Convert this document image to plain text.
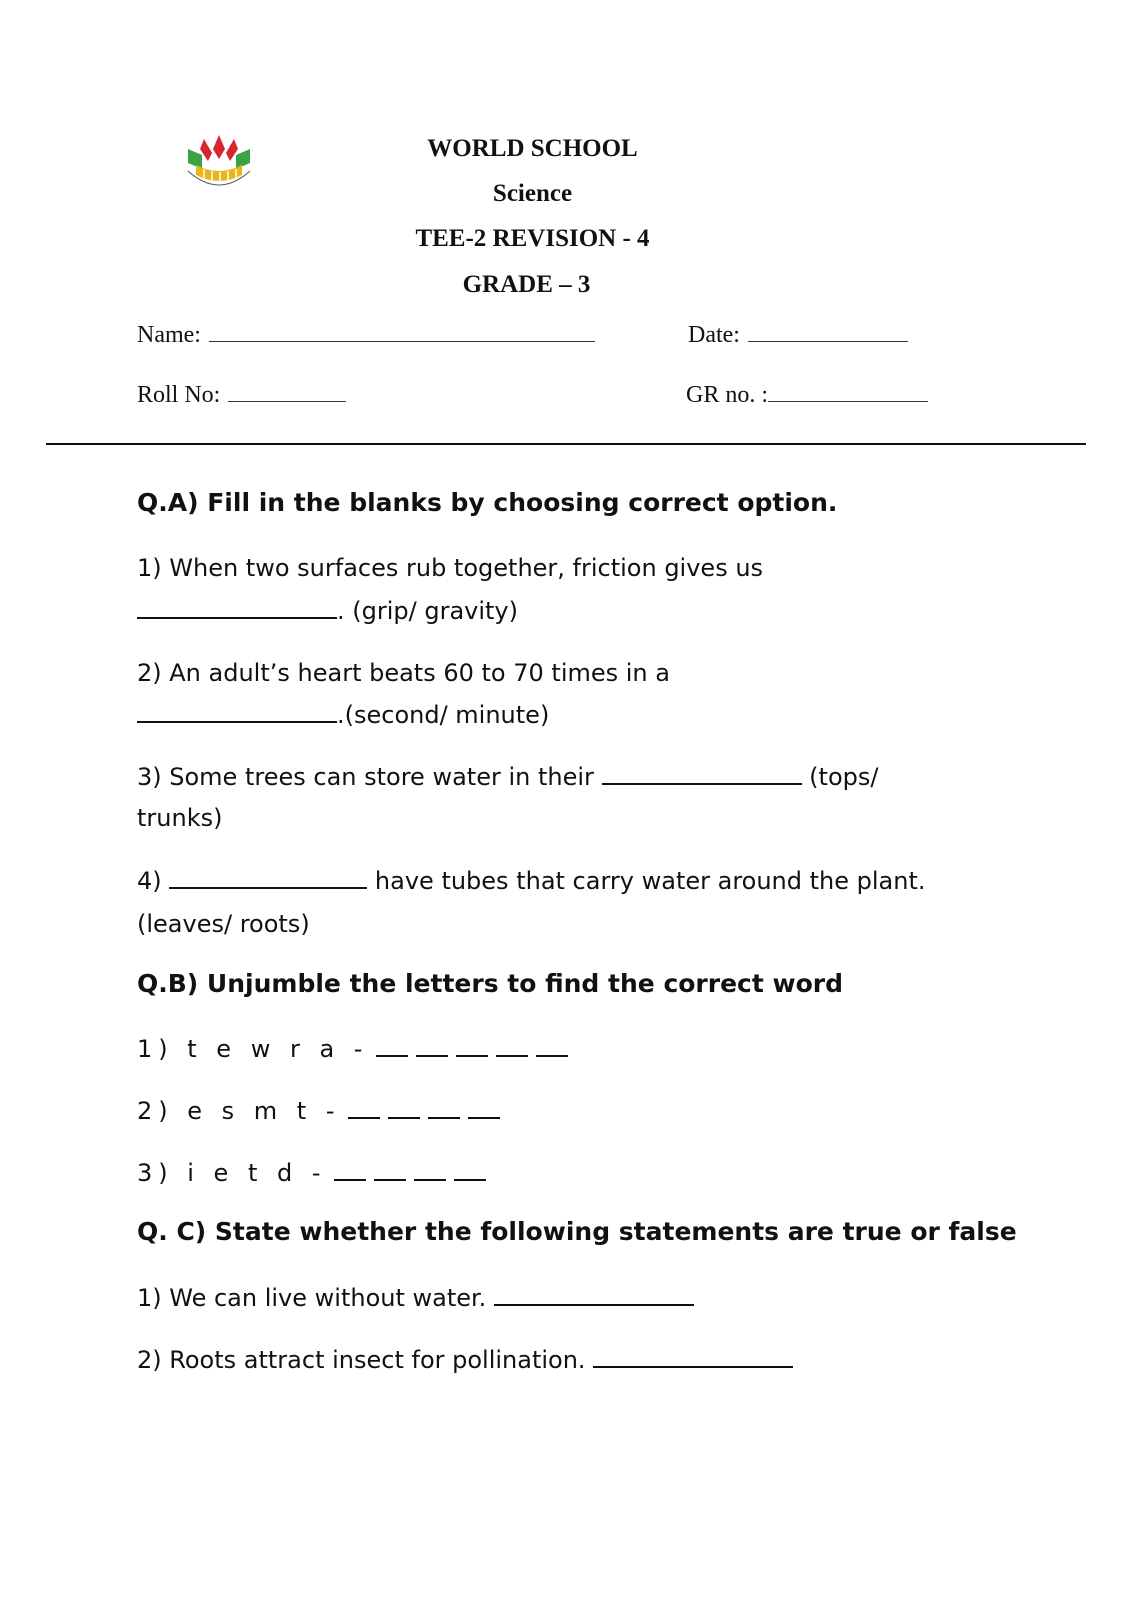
WORLD SCHOOL
Science
TEE-2 REVISION - 4
GRADE – 3
Name:	Date:
Roll No:	GR no. :
Q.A) Fill in the blanks by choosing correct option.
1) When two surfaces rub together, friction gives us
. (grip/ gravity)
2) An adult’s heart beats 60 to 70 times in a
.(second/ minute)
3) Some trees can store water in their	(tops/
trunks)
4)	have tubes that carry water around the plant.
(leaves/ roots)
Q.B) Unjumble the letters to find the correct word
1) t e w r a -
2) e s m t -
3) i e t d -
Q. C) State whether the following statements are true or false
1) We can live without water.
2) Roots attract insect for pollination.
